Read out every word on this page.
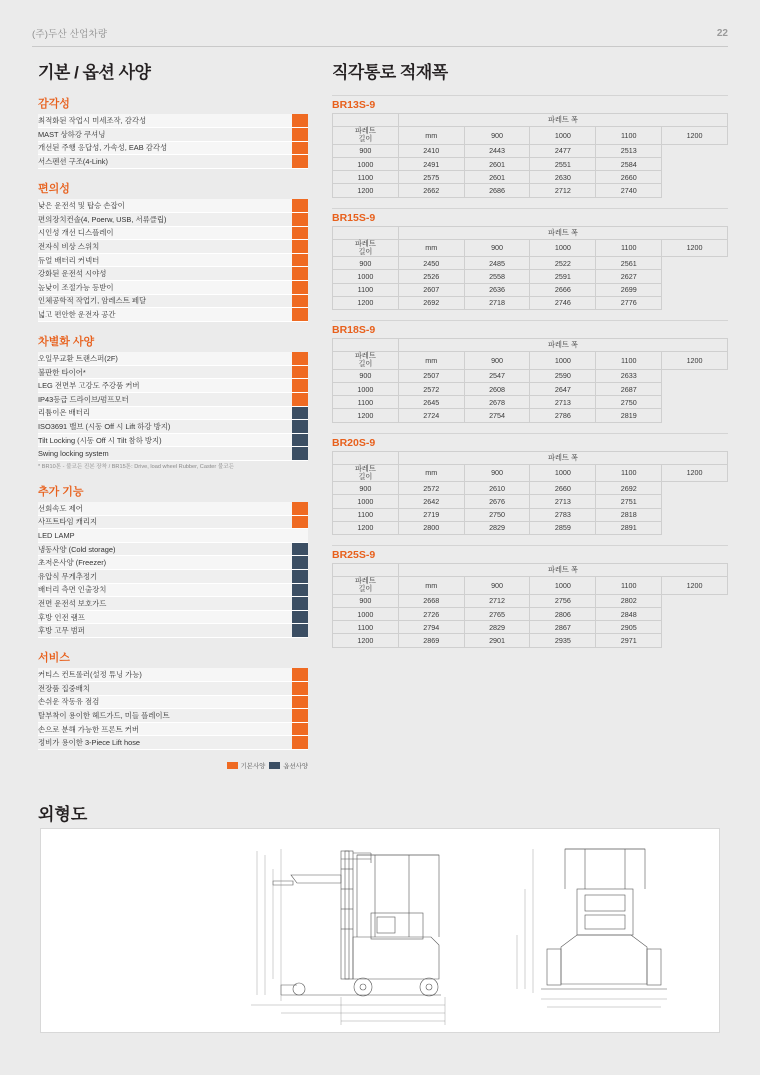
(주)두산 산업차량	22
기본 / 옵션 사양
감각성
최적화된 작업시 미세조작, 감각성	
MAST 상하강 쿠셔닝	
개선된 주행 응답성, 가속성, EAB 감각성	
서스펜션 구조(4-Link)	
편의성
낮은 운전석 및 탑승 손잡이	
편의장치컨솔(4, Poerw, USB, 서류클립)	
시인성 개선 디스플레이	
전자식 비상 스위치	
듀얼 배터리 커넥터	
강화된 운전석 시야성	
높낮이 조절가능 등받이	
인체공학적 작업기, 암레스트 페달	
넓고 편안한 운전자 공간	
차별화 사양
오일무교환 트랜스퍼(2F)	
불판한 타이어*	
LEG 전면부 고강도 주강품 커버	
IP43등급 드라이브/펌프모터	
리튬이온 배터리	
ISO3691 밸브 (시동 Off 시 Lift 하강 방지)	
Tilt Locking (시동 Off 시 Tilt 참하 방지)	
Swing locking system	
* BR10톤 - 불코든 진본 장착 / BR15톤: Drive, load wheel Rubber, Caster 불코든
추가 기능
선회속도 제어	
사프트타임 캐리지	
LED LAMP	
냉동사양 (Cold storage)	
초저온사양 (Freezer)	
유압식 무게추정기	
배터리 측면 인출장치	
전면 운전석 보호가드	
후방 인전 램프	
후방 고무 범퍼	
서비스
커티스 컨트롤러(설정 튜닝 가능)	
전장품 집중배치	
손쉬운 작동유 점검	
탈부착이 용이한 헤드가드, 미들 플레이트	
손으로 분해 가능한 프론트 커버	
정비가 용이한 3-Piece Lift hose	
기본사양	옵션사양
직각통로 적재폭
BR13S-9
	파레트 폭				
파레트
길이	mm	900	1000	1100	1200
900	2410	2443	2477	2513	
1000	2491	2601	2551	2584	
1100	2575	2601	2630	2660	
1200	2662	2686	2712	2740	
BR15S-9
	파레트 폭				
파레트
길이	mm	900	1000	1100	1200
900	2450	2485	2522	2561	
1000	2526	2558	2591	2627	
1100	2607	2636	2666	2699	
1200	2692	2718	2746	2776	
BR18S-9
	파레트 폭				
파레트
길이	mm	900	1000	1100	1200
900	2507	2547	2590	2633	
1000	2572	2608	2647	2687	
1100	2645	2678	2713	2750	
1200	2724	2754	2786	2819	
BR20S-9
	파레트 폭				
파레트
길이	mm	900	1000	1100	1200
900	2572	2610	2660	2692	
1000	2642	2676	2713	2751	
1100	2719	2750	2783	2818	
1200	2800	2829	2859	2891	
BR25S-9
	파레트 폭				
파레트
길이	mm	900	1000	1100	1200
900	2668	2712	2756	2802	
1000	2726	2765	2806	2848	
1100	2794	2829	2867	2905	
1200	2869	2901	2935	2971	
외형도
